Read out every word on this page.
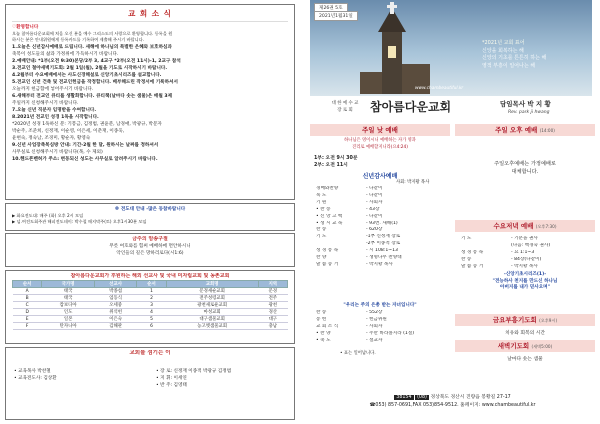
교 회 소 식
♡환영합니다
오늘 참아름다운교회에 처음 오신 분을 예수 그리스도의 사랑으로 환영합니다. 등록을 원
하시는 분은 안내위원에게 등록카드를 기록하여 제출해 주시기 바랍니다.
1.오늘은 신년감사예배로 드립니다. 새해에 하나님의 특별한 은혜와 보호하심과
축복이 성도들의 삶과 가정위에 가득하시기 바랍니다.
2.예배안내: *1부(오전 9:30)본당/2부 3, 4교구 *2부(오전 11시)-1, 2교구 참석
3.전교인 철야새벽기도회: 2월 1일(월), 2월을 기도로 시작하시기 바랍니다.
4.2월부터 수요예배에서는 사도신경해설로 신앙기초시리즈를 설교합니다.
5.전교인 신년 건축 및 전교인헌금을 작정합니다. 배부해드린 작정서에 기록하셔서
오늘까지 헌금함에 넣어주시기 바랍니다.
6.새해부터 전교인 큐티를 생활화합니다. 큐티책(날마다 솟는 샘물)은 매월 3제
주일까지 신청해주시기 바랍니다.
7.오늘 신년 직분자 임명받을 수여합니다.
8.2021년 전교인 성경 1독을 시작합니다.
*2020년 성경 1독하신 분: 기봉금, 김정범, 권윤분, 남경애, 박광규, 박문자
박순주, 조준희, 신정재, 이순영, 이은세, 이춘재, 이종욱,
윤현숙, 정숙남, 조경미, 황순자, 황영숙
9.신년 사업장축복심방 안내: 기간-2월 한 달, 원하시는 날짜를 정하셔서
사무실로 신청해주시기 바랍니다(목, 수 제외)
10.헨드폰벤허가 주소: 변동되신 성도는 사무실로 알려주시기 바랍니다.
※ 전도대 안내 -많은 동참바랍니다
▶ 화요전도대: 매주 (화) 오후 2시 모임
▶ 넘.여전도회주관 해피전도데이: 박수철 매지막주(토) 오후1시30분 모임
금주의 암송구절
무릇 여호와를 힘써 예배하매 면안하시니
악인들의 길은 망하리로다(시1:6)
참아름다운교회가 후원하는 해외 선교사 및 국내 미자립교회 및 농촌교회
순서	국가명	선교사	순서	교회명	지역
A	태국	박종섭	1	문경새순교회	문경
B	태국	엄동식	2	전주성령교회	전주
C	캄보디아	오세중	3	광천새로운교회	광천
D	인도	위석헌	4	마성교회	경산
E	일본	이은숙	5	대구샘물교회	대구
F	탄자니아	김해관	6	농고엣샘물교회	충남
교회를 섬기는 이
• 교육목사 박찬철
• 교육전도사: 김상환
• 장 로: 신정재 이종적 박광규 김정범
• 지 휘: 이세연
• 반 주: 김영태
제26권 5호
2021년1월31일
www.chambeautiful.kr
*2021년 교회 표어
신앙을 회복하는 해
신앙의 기초를 튼튼히 하는 해
영적 부흥이 일어나는 해
대 한 예 수 교
장 로 회	참아름다운교회	담임목사 박 지 황
Rev. park ji hwang
주일 낮 예배
하나님은 영이시니 예배하는 자가 영과
진리로 예배할지니라(요4:24)
1부: 오전 9시 30분
2부: 오전 11시
신년감사예배
사회: 박지황 목사
경배와찬양	- 다같이
묵 도	- 다같이
기 원	- 사회자
• 찬 송	- 43장
• 신 앙 고 백	- 다같이
• 성 시 교 독	- 93번. 새해(1)
찬 송	- 620장
기 도	-1부 신정재 장로
-2부 이종적 장로
성 경 봉 독	- 시 108:1~13
찬 양	- 생명나무 찬양대
말 씀 증 거	- 박지황 목사
"우리는 주의 은총 받는 자녀입니다"
찬 송	- 552장
봉 헌	- 헌금위원
교 회 소 식	- 사회자
• 찬 양	- 주만 바라볼지라 (1절)
• 축 도	- 설교자
• 표는 일어납니다.
주일 오후 예배 (14:00)
주일오후예배는 가정예배로
대체합니다.
수요저녁 예배 (오후7:30)
기 도	- 기분을 권사
(다음: 백경숙 권사)
성 경 봉 독	- 요 1:1~3
찬 송	- 84장(다같이)
말 씀 증 거	- 박지황 목사
-신앙기초시리즈(1)-
"전능하사 천지를 만드신 하나님
아버지를 내가 믿사오며"
금요부흥기도회 (오후9시)
치유와 회복의 시간
새벽기도회 (새벽5:00)
날마다 솟는 샘물
38154 (08) 경상북도 경산시 진량읍 봉황길 27-17
☎053) 857-0691,FAX 053)854-9512. 홈페이지: www.chambeautiful.kr
